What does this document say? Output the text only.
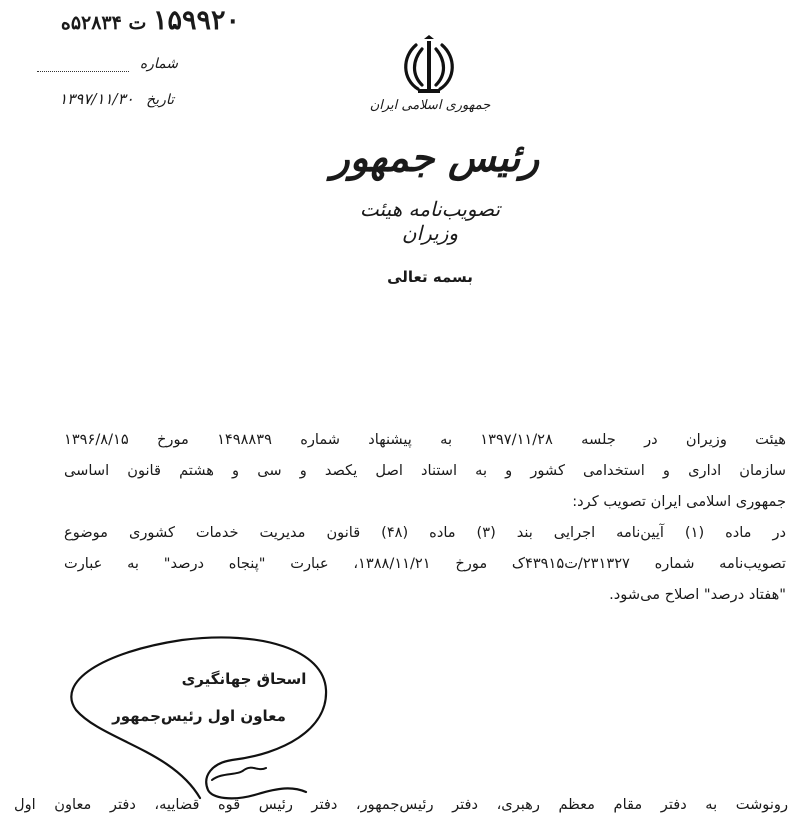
۱۵۹۹۲۰ ت ۵۲۸۳۴ه
شماره
تاریخ ۱۳۹۷/۱۱/۳۰	جمهوری اسلامی ایران
رئیس جمهور
تصویب‌نامه هیئت وزیران
بسمه تعالی
هیئت وزیران در جلسه ۱۳۹۷/۱۱/۲۸ به پیشنهاد شماره ۱۴۹۸۸۳۹ مورخ ۱۳۹۶/۸/۱۵
سازمان اداری و استخدامی کشور و به استناد اصل یکصد و سی و هشتم قانون اساسی
جمهوری اسلامی ایران تصویب کرد:
در ماده (۱) آیین‌نامه اجرایی بند (۳) ماده (۴۸) قانون مدیریت خدمات کشوری موضوع
تصویب‌نامه شماره ۲۳۱۳۲۷/ت۴۳۹۱۵ک مورخ ۱۳۸۸/۱۱/۲۱، عبارت "پنجاه درصد" به عبارت
"هفتاد درصد" اصلاح می‌شود.
اسحاق جهانگیری
معاون اول رئیس‌جمهور
رونوشت به دفتر مقام معظم رهبری، دفتر رئیس‌جمهور، دفتر رئیس قوه قضاییه، دفتر معاون اول
